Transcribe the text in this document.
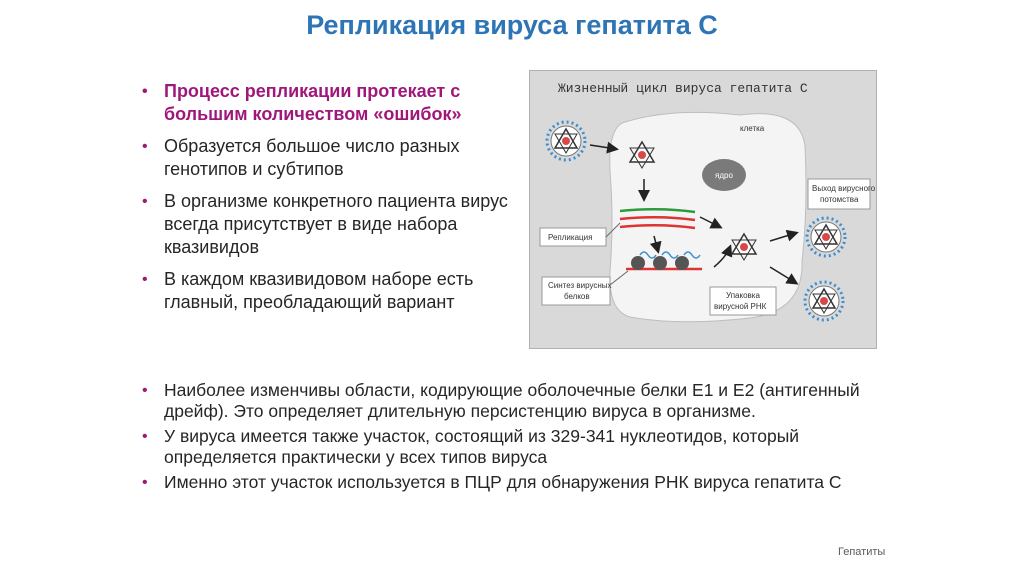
Репликация вируса гепатита С
• Процесс репликации протекает с большим количеством «ошибок»
• Образуется большое число разных генотипов и субтипов
• В организме конкретного пациента вирус всегда присутствует в виде набора квазивидов
• В каждом квазивидовом наборе есть главный, преобладающий вариант
Жизненный цикл вируса гепатита С
клетка
ядро
Репликация
Синтез вирусных белков	Упаковка вирусной РНК
Выход вирусного потомства
• Наиболее изменчивы области, кодирующие оболочечные белки Е1 и Е2 (антигенный дрейф). Это определяет длительную персистенцию вируса в организме.
• У вируса имеется также участок, состоящий из 329-341 нуклеотидов, который определяется практически у всех типов вируса
• Именно этот участок используется в ПЦР для обнаружения РНК вируса гепатита С
Гепатиты
